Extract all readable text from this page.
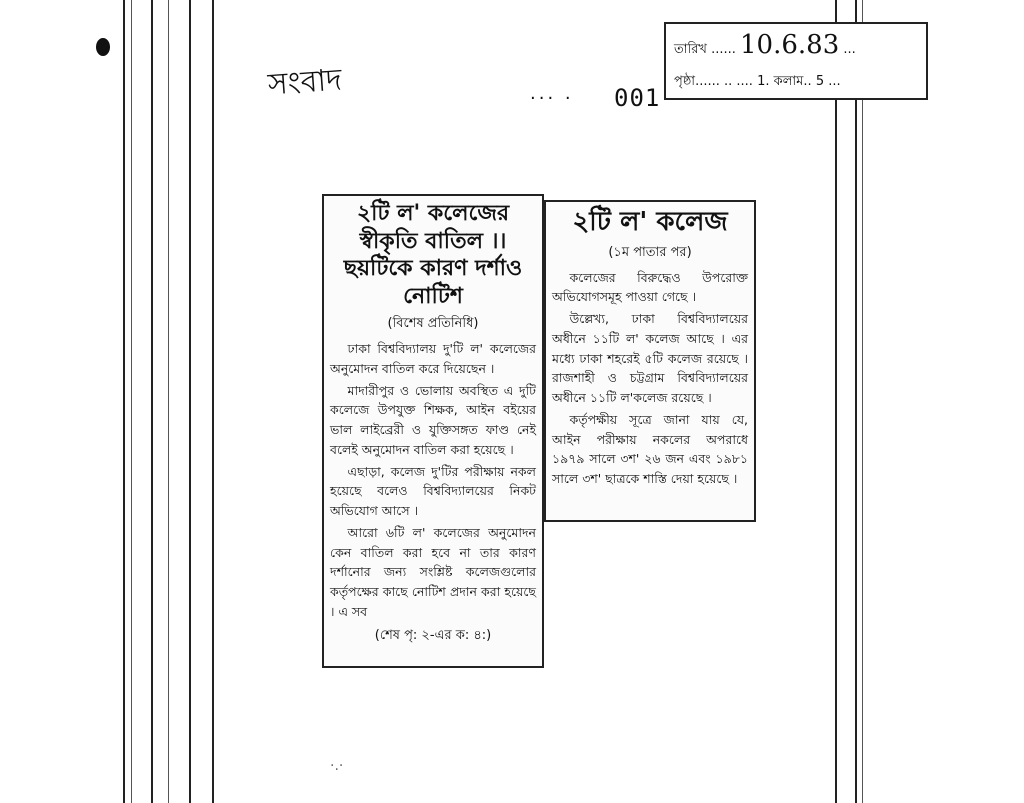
সংবাদ	··· · 001
তারিখ ...... 10.6.83 ...
পৃষ্ঠা...... .. .... 1. কলাম.. 5 ...
২টি ল' কলেজের স্বীকৃতি বাতিল ।। ছয়টিকে কারণ দর্শাও নোটিশ
(বিশেষ প্রতিনিধি)

ঢাকা বিশ্ববিদ্যালয় দু'টি ল' কলেজের অনুমোদন বাতিল করে দিয়েছেন ।

মাদারীপুর ও ভোলায় অবস্থিত এ দুটি কলেজে উপযুক্ত শিক্ষক, আইন বইয়ের ভাল লাইব্রেরী ও যুক্তিসঙ্গত ফাণ্ড নেই বলেই অনুমোদন বাতিল করা হয়েছে ।

এছাড়া, কলেজ দু'টির পরীক্ষায় নকল হয়েছে বলেও বিশ্ববিদ্যালয়ের নিকট অভিযোগ আসে ।

আরো ৬টি ল' কলেজের অনুমোদন কেন বাতিল করা হবে না তার কারণ দর্শানোর জন্য সংশ্লিষ্ট কলেজগুলোর কর্তৃপক্ষের কাছে নোটিশ প্রদান করা হয়েছে । এ সব

(শেষ পৃ: ২-এর ক: ৪:)
২টি ল' কলেজ
(১ম পাতার পর)

কলেজের বিরুদ্ধেও উপরোক্ত অভিযোগসমূহ পাওয়া গেছে ।

উল্লেখ্য, ঢাকা বিশ্ববিদ্যালয়ের অধীনে ১১টি ল' কলেজ আছে । এর মধ্যে ঢাকা শহরেই ৫টি কলেজ রয়েছে । রাজশাহী ও চট্টগ্রাম বিশ্ববিদ্যালয়ের অধীনে ১১টি ল'কলেজ রয়েছে ।

কর্তৃপক্ষীয় সূত্রে জানা যায় যে, আইন পরীক্ষায় নকলের অপরাধে ১৯৭৯ সালে ৩শ' ২৬ জন এবং ১৯৮১ সালে ৩শ' ছাত্রকে শাস্তি দেয়া হয়েছে ।

·.·
